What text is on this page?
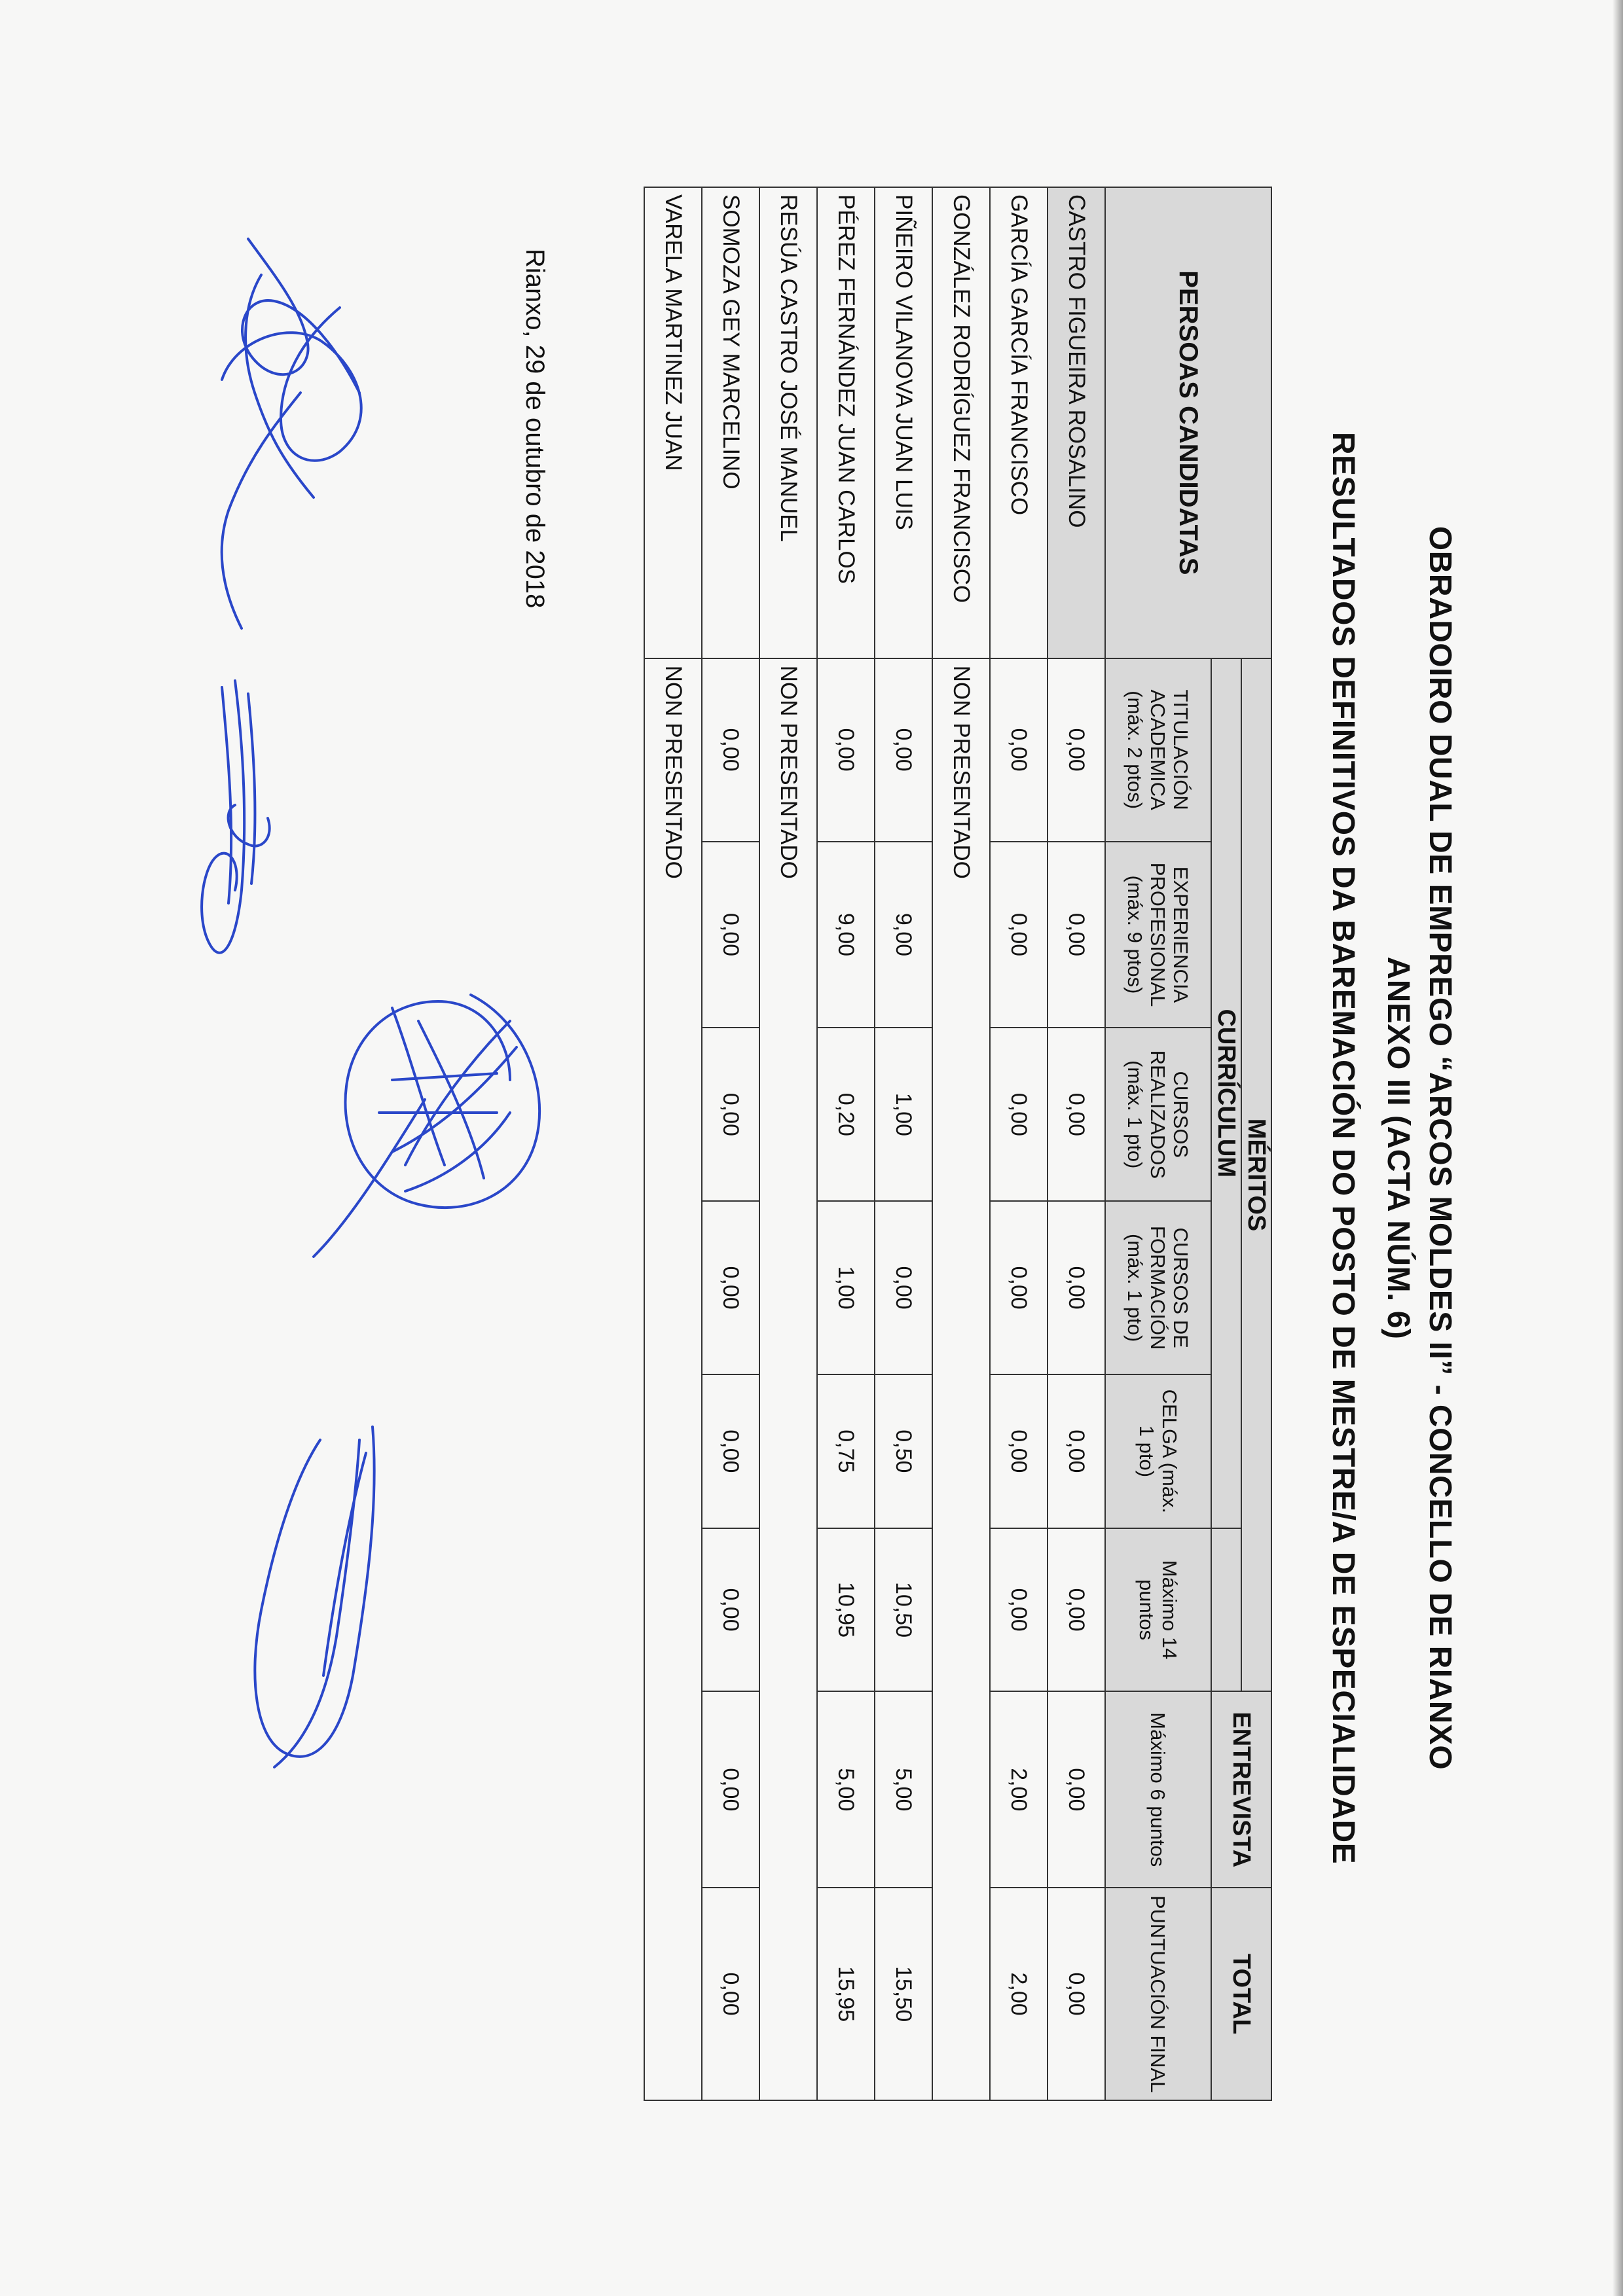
OBRADOIRO DUAL DE EMPREGO “ARCOS MOLDES II” - CONCELLO DE RIANXO
ANEXO III (ACTA NÚM. 6)
RESULTADOS DEFINITIVOS DA BAREMACIÓN DO POSTO DE MESTRE/A DE ESPECIALIDADE
PERSOAS CANDIDATAS	MÉRITOS						ENTREVISTA	TOTAL
	CURRÍCULUM							
	TITULACIÓN ACADEMICA (máx. 2 ptos)	EXPERIENCIA PROFESIONAL (máx. 9 ptos)	CURSOS REALIZADOS (máx. 1 pto)	CURSOS DE FORMACIÓN (máx. 1 pto)	CELGA (máx. 1 pto)	Máximo 14 puntos	Máximo 6 puntos	PUNTUACIÓN FINAL
CASTRO FIGUEIRA ROSALINO	0,00	0,00	0,00	0,00	0,00	0,00	0,00	0,00
GARCÍA GARCÍA FRANCISCO	0,00	0,00	0,00	0,00	0,00	0,00	2,00	2,00
GONZÁLEZ RODRÍGUEZ FRANCISCO	NON PRESENTADO							
PIÑEIRO VILANOVA JUAN LUIS	0,00	9,00	1,00	0,00	0,50	10,50	5,00	15,50
PÉREZ FERNÁNDEZ JUAN CARLOS	0,00	9,00	0,20	1,00	0,75	10,95	5,00	15,95
RESÚA CASTRO JOSÉ MANUEL	NON PRESENTADO							
SOMOZA GEY MARCELINO	0,00	0,00	0,00	0,00	0,00	0,00	0,00	0,00
VARELA MARTINEZ JUAN	NON PRESENTADO							
Rianxo, 29 de outubro de 2018
